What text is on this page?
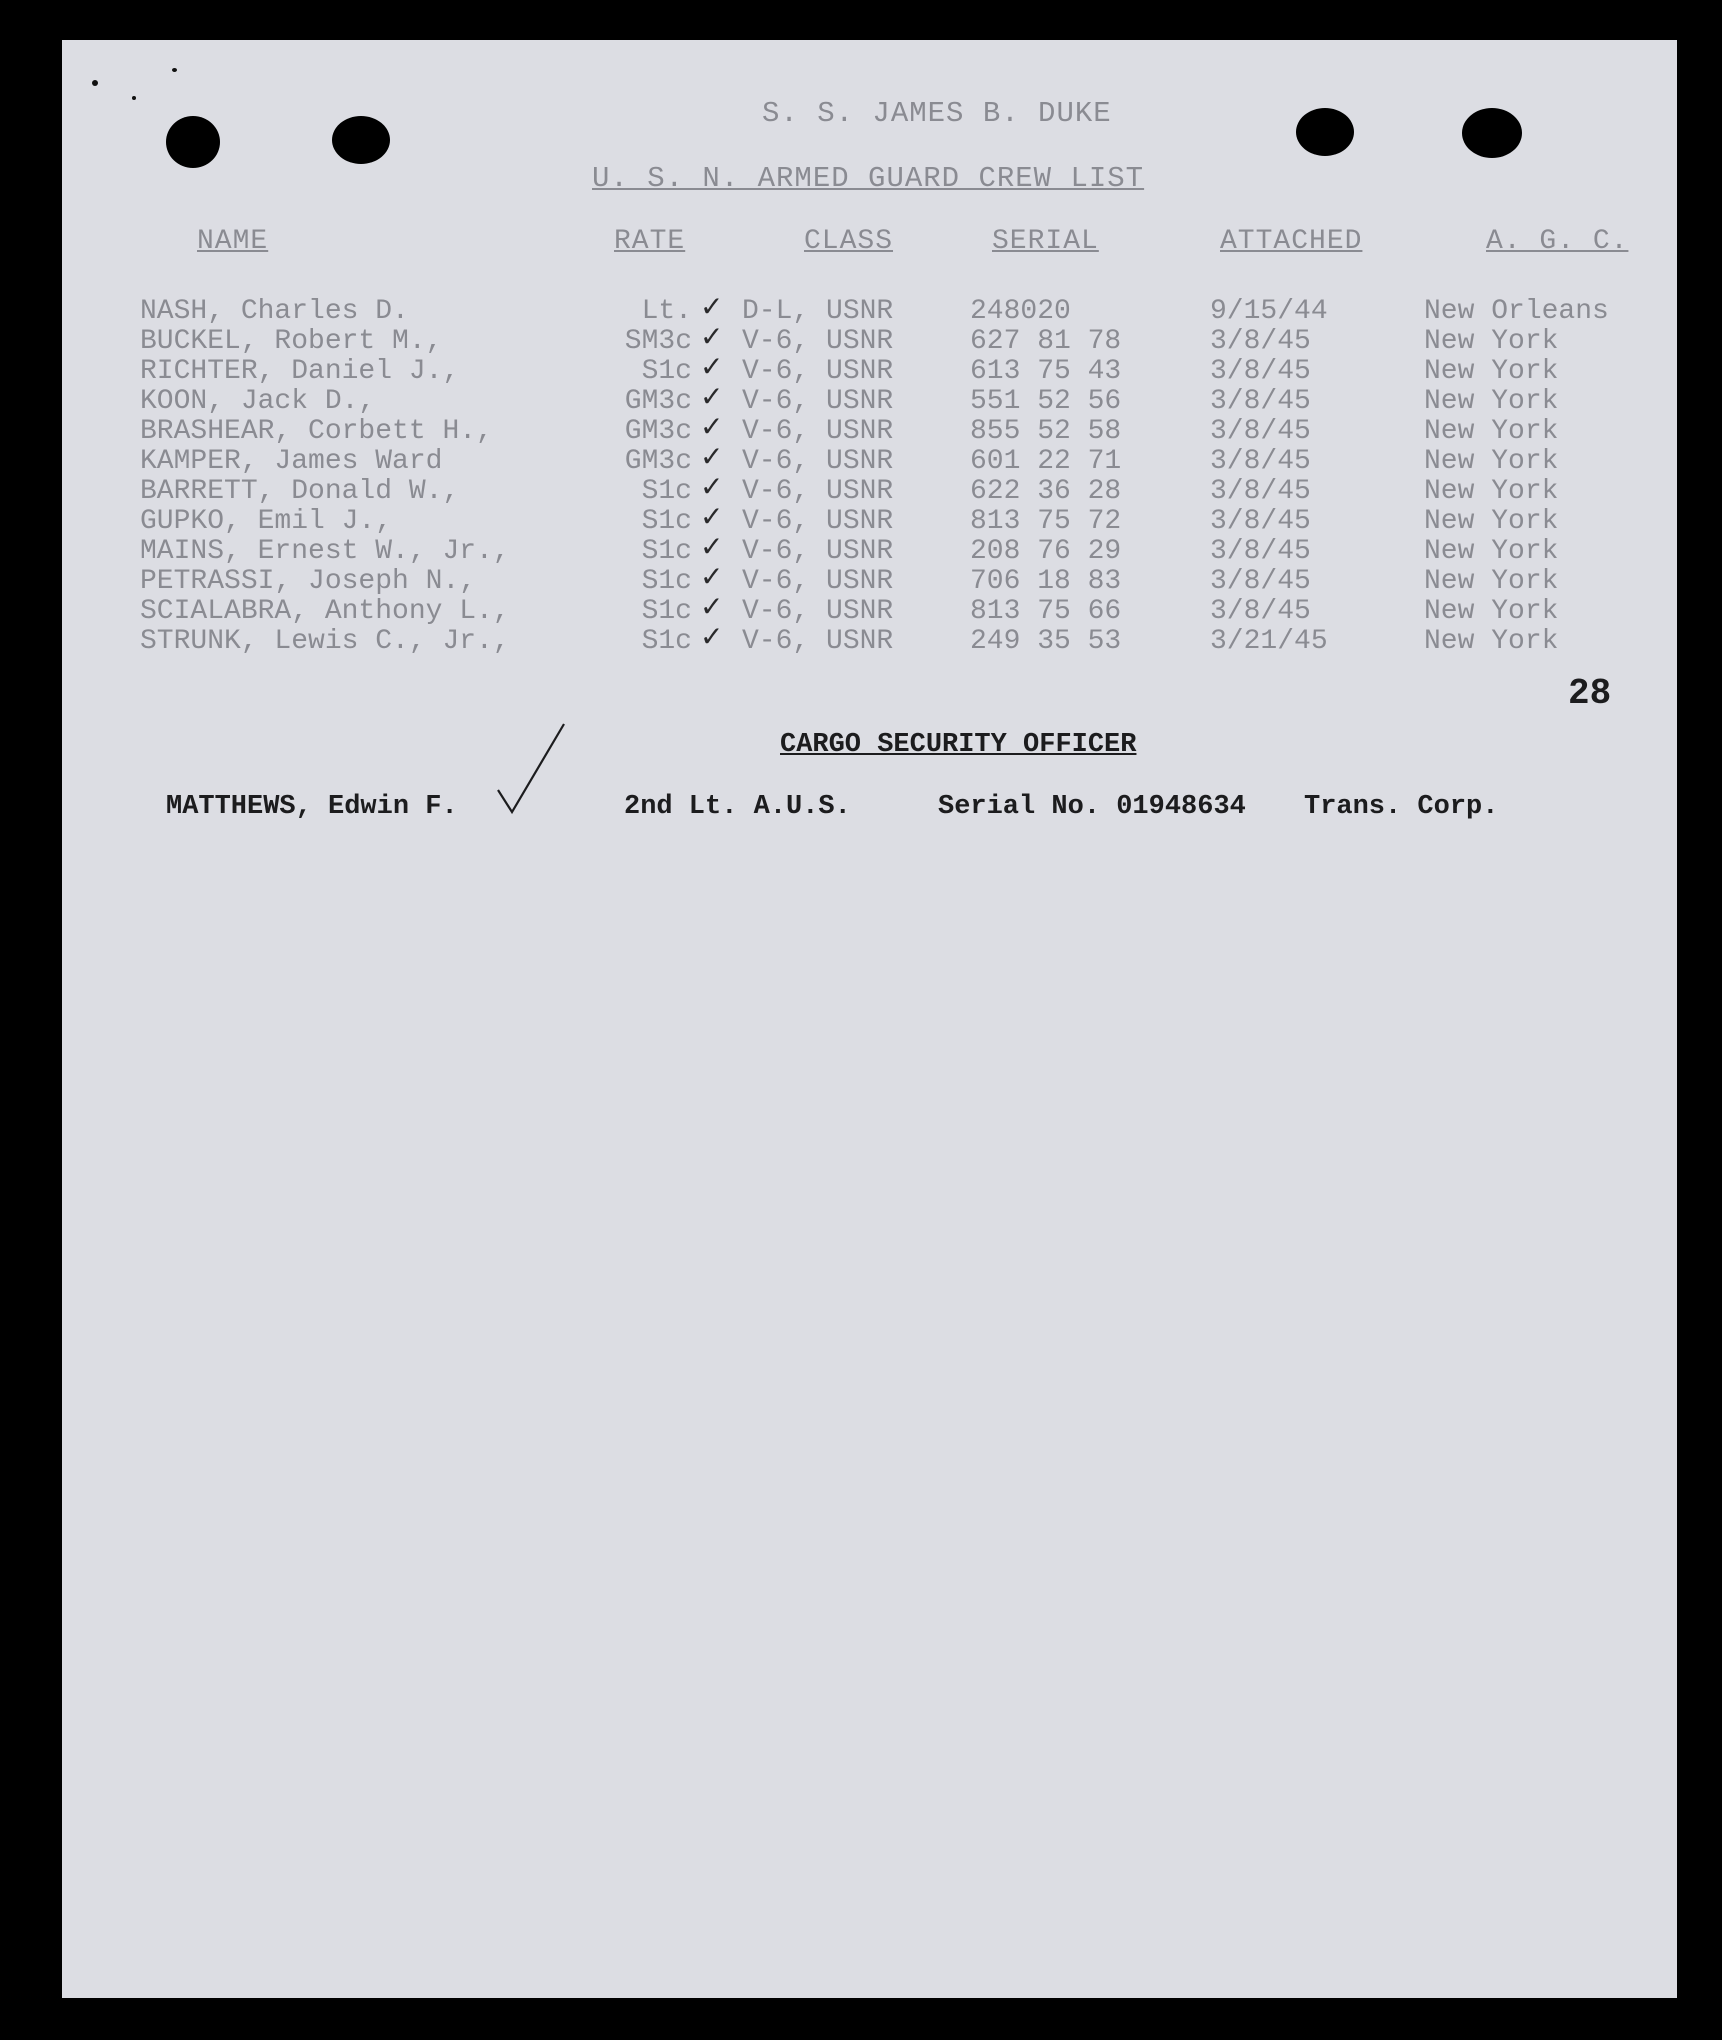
S. S. JAMES B. DUKE
U. S. N. ARMED GUARD CREW LIST
NAME	RATE	CLASS	SERIAL	ATTACHED	A. G. C.
NASH, Charles D.	Lt. D-L, USNR	248020	9/15/44	New Orleans
✓
BUCKEL, Robert M.,	SM3c V-6, USNR	627 81 78	3/8/45	New York
✓
RICHTER, Daniel J.,	S1c V-6, USNR	613 75 43	3/8/45	New York
✓
KOON, Jack D.,	GM3c V-6, USNR	551 52 56	3/8/45	New York
✓
BRASHEAR, Corbett H.,	GM3c V-6, USNR	855 52 58	3/8/45	New York
✓
KAMPER, James Ward	GM3c V-6, USNR	601 22 71	3/8/45	New York
✓
BARRETT, Donald W.,	S1c V-6, USNR	622 36 28	3/8/45	New York
✓
GUPKO, Emil J.,	S1c V-6, USNR	813 75 72	3/8/45	New York
✓
MAINS, Ernest W., Jr.,	S1c V-6, USNR	208 76 29	3/8/45	New York
✓
PETRASSI, Joseph N.,	S1c V-6, USNR	706 18 83	3/8/45	New York
✓
SCIALABRA, Anthony L.,	S1c V-6, USNR	813 75 66	3/8/45	New York
✓
STRUNK, Lewis C., Jr.,	S1c V-6, USNR	249 35 53	3/21/45	New York
✓
28
CARGO SECURITY OFFICER
MATTHEWS, Edwin F.	2nd Lt. A.U.S.	Serial No. 01948634 Trans. Corp.
